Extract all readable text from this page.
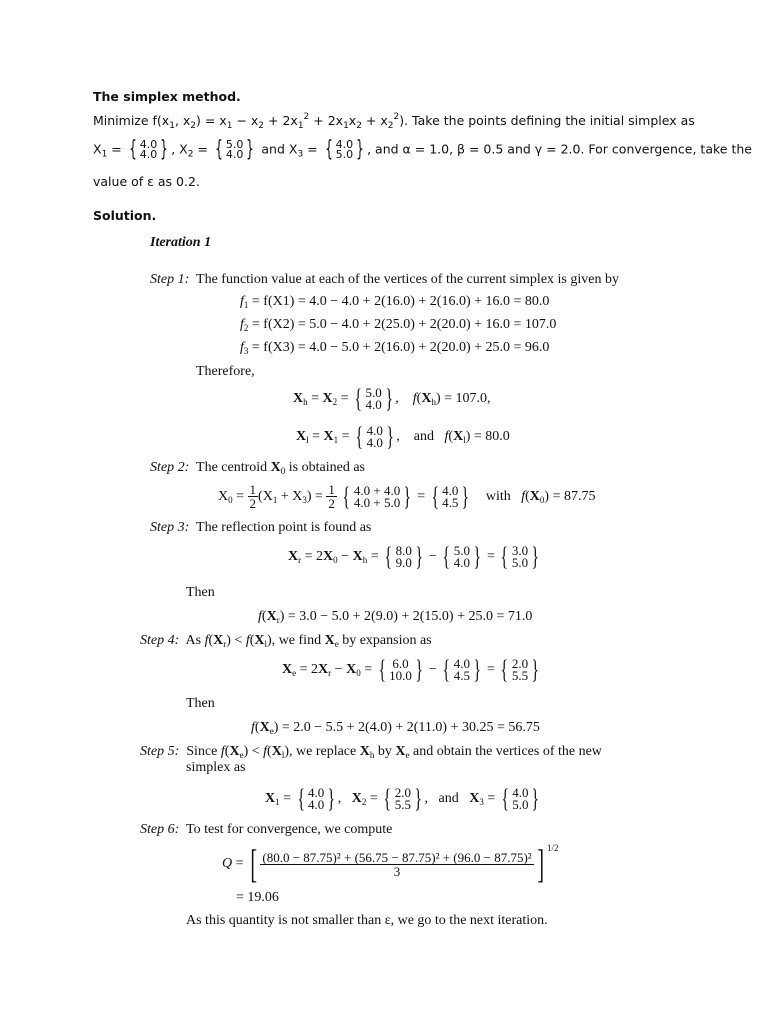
The simplex method.
Minimize $f(x_1$, $x_2) = x_1 - x_2 + 2x_1^2 + 2x_1x_2 + x_2^2$). Take the points defining the initial simplex as
$X_1$ = { 4.0
4.0 } , $X_2$ = { 5.0
4.0 } and $X_3$ = { 4.0
5.0 } , and α = 1.0, β = 0.5 and γ = 2.0. For convergence, take the
value of ε as 0.2.
Solution.
Iteration 1
Step 1: The function value at each of the vertices of the current simplex is given by
$f_1 = f(X1) = 4.0 - 4.0 + 2(16.0) + 2(16.0) + 16.0 = 80.0$
$f_2 = f(X2) = 5.0 - 4.0 + 2(25.0) + 2(20.0) + 16.0 = 107.0$
$f_3 = f(X3) = 4.0 - 5.0 + 2(16.0) + 2(20.0) + 25.0 = 96.0$
Therefore,
$X_h = X_2$ = { 5.0
4.0 } ,    $f(X_h) = 107.0$,
$X_l = X_1$ = { 4.0
4.0 } ,    and $f(X_l) = 80.0$
Step 2: The centroid $X_0$ is obtained as
$X_0 = \frac{1}{2} (X_1 + X_3) = \frac{1}{2}$
{ 4.0 + 4.0
4.0 + 5.0 } = { 4.0
4.5 } with $f(X_0) = 87.75$
Step 3: The reflection point is found as
$X_r = 2X_0 - X_h$ = { 8.0
9.0 } − { 5.0
4.0 } = { 3.0
5.0 }
Then
$f(X_r) = 3.0 - 5.0 + 2(9.0) + 2(15.0) + 25.0 = 71.0$
Step 4:  As $f(X_r) < f(X_l)$, we find $X_e$ by expansion as
$X_e = 2X_r - X_0$ = { 6.0
10.0 } − { 4.0
4.5 } = { 2.0
5.5 }
Then
$f(X_e) = 2.0 - 5.5 + 2(4.0) + 2(11.0) + 30.25 = 56.75$
Step 5:  Since $f(X_e) < f(X_l)$, we replace $X_h$ by $X_e$ and obtain the vertices of the new
simplex as
$X_1$ = { 4.0
4.0 } ,   $X_2$ = { 2.0
5.5 } ,   and $X_3$ = { 4.0
5.0 }
Step 6: To test for convergence, we compute
Q = [ $\frac{\text{(80.0 − 87.75)² + (56.75 − 87.75)² + (96.0 − 87.75)²}}{3}$ ] $^{1/2}$
= 19.06
As this quantity is not smaller than ε, we go to the next iteration.
